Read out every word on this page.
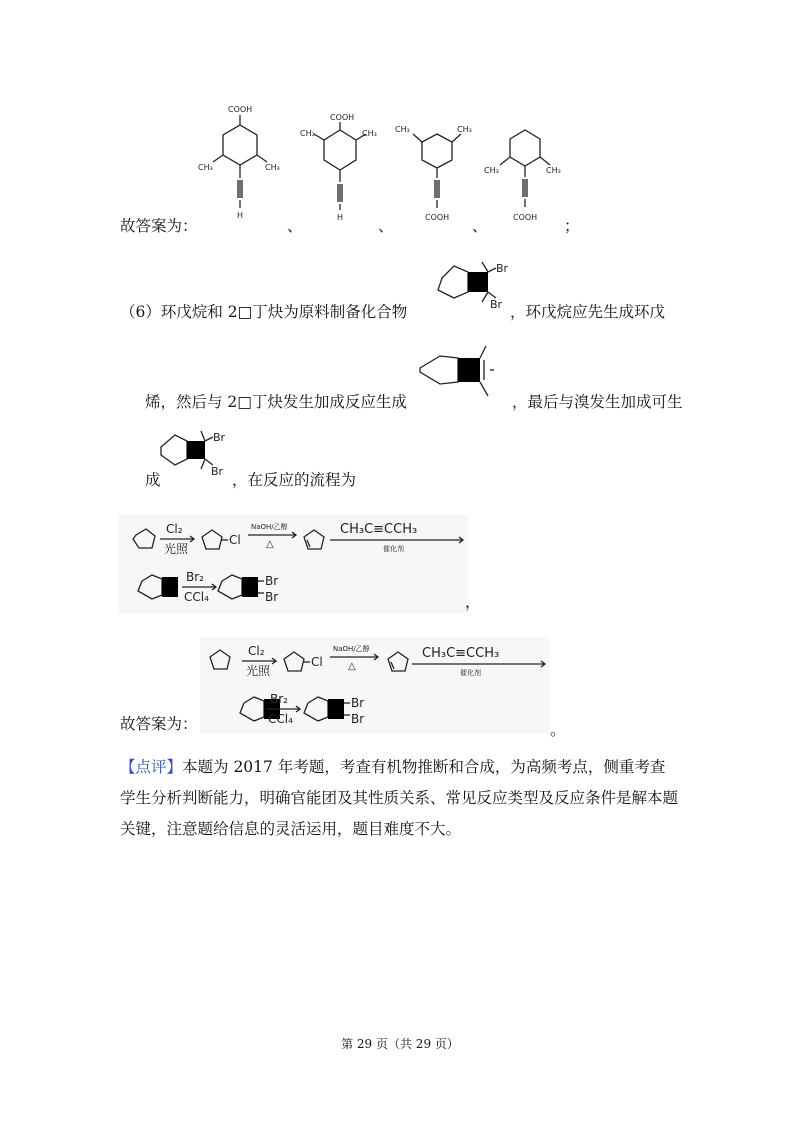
COOH
CH₃	CH₃
H
COOH
CH₃	CH₃
H
CH₃	CH₃
COOH
CH₃	CH₃
COOH
故答案为：	、	、	、	；
（6）环戊烷和 2□丁炔为原料制备化合物
Br
Br ，环戊烷应先生成环戊
烯，然后与 2□丁炔发生加成反应生成	，最后与溴发生加成可生
成
Br
Br ，在反应的流程为
Cl₂
光照
Cl
NaOH/乙醇
△
CH₃C≡CCH₃
催化剂
Br₂
CCl₄
Br
Br	，
Cl₂
光照
Cl
NaOH/乙醇
△
CH₃C≡CCH₃
催化剂
Br₂
CCl₄
Br
Br
故答案为：	。
【点评】本题为 2017 年考题，考查有机物推断和合成，为高频考点，侧重考查学生分析判断能力，明确官能团及其性质关系、常见反应类型及反应条件是解本题关键，注意题给信息的灵活运用，题目难度不大。
第 29 页（共 29 页）
